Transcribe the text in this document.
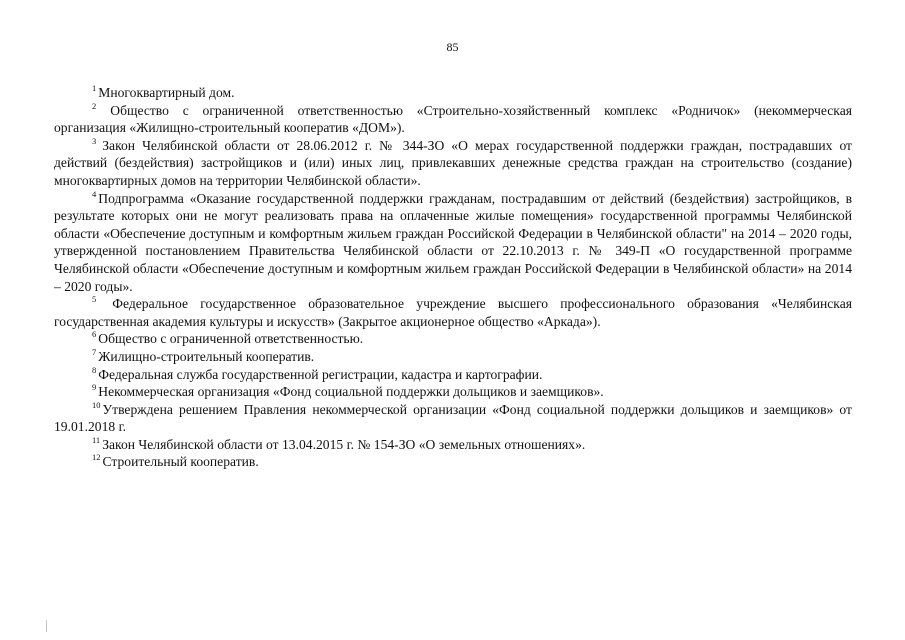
85

$^1$ Многоквартирный дом.

$^2$ Общество с ограниченной ответственностью «Строительно-хозяйственный комплекс «Родничок» (некоммерческая организация «Жилищно-строительный кооператив «ДОМ»).

$^3$ Закон Челябинской области от 28.06.2012 г. № 344-ЗО «О мерах государственной поддержки граждан, пострадавших от действий (бездействия) застройщиков и (или) иных лиц, привлекавших денежные средства граждан на строительство (создание) многоквартирных домов на территории Челябинской области».

$^4$ Подпрограмма «Оказание государственной поддержки гражданам, пострадавшим от действий (бездействия) застройщиков, в результате которых они не могут реализовать права на оплаченные жилые помещения» государственной программы Челябинской области «Обеспечение доступным и комфортным жильем граждан Российской Федерации в Челябинской области" на 2014 – 2020 годы, утвержденной постановлением Правительства Челябинской области от 22.10.2013 г. № 349-П «О государственной программе Челябинской области «Обеспечение доступным и комфортным жильем граждан Российской Федерации в Челябинской области» на 2014 – 2020 годы».

$^5$ Федеральное государственное образовательное учреждение высшего профессионального образования «Челябинская государственная академия культуры и искусств» (Закрытое акционерное общество «Аркада»).

$^6$ Общество с ограниченной ответственностью.

$^7$ Жилищно-строительный кооператив.

$^8$ Федеральная служба государственной регистрации, кадастра и картографии.

$^9$ Некоммерческая организация «Фонд социальной поддержки дольщиков и заемщиков».

$^{10}$ Утверждена решением Правления некоммерческой организации «Фонд социальной поддержки дольщиков и заемщиков» от 19.01.2018 г.

$^{11}$ Закон Челябинской области от 13.04.2015 г. № 154-ЗО «О земельных отношениях».

$^{12}$ Строительный кооператив.
